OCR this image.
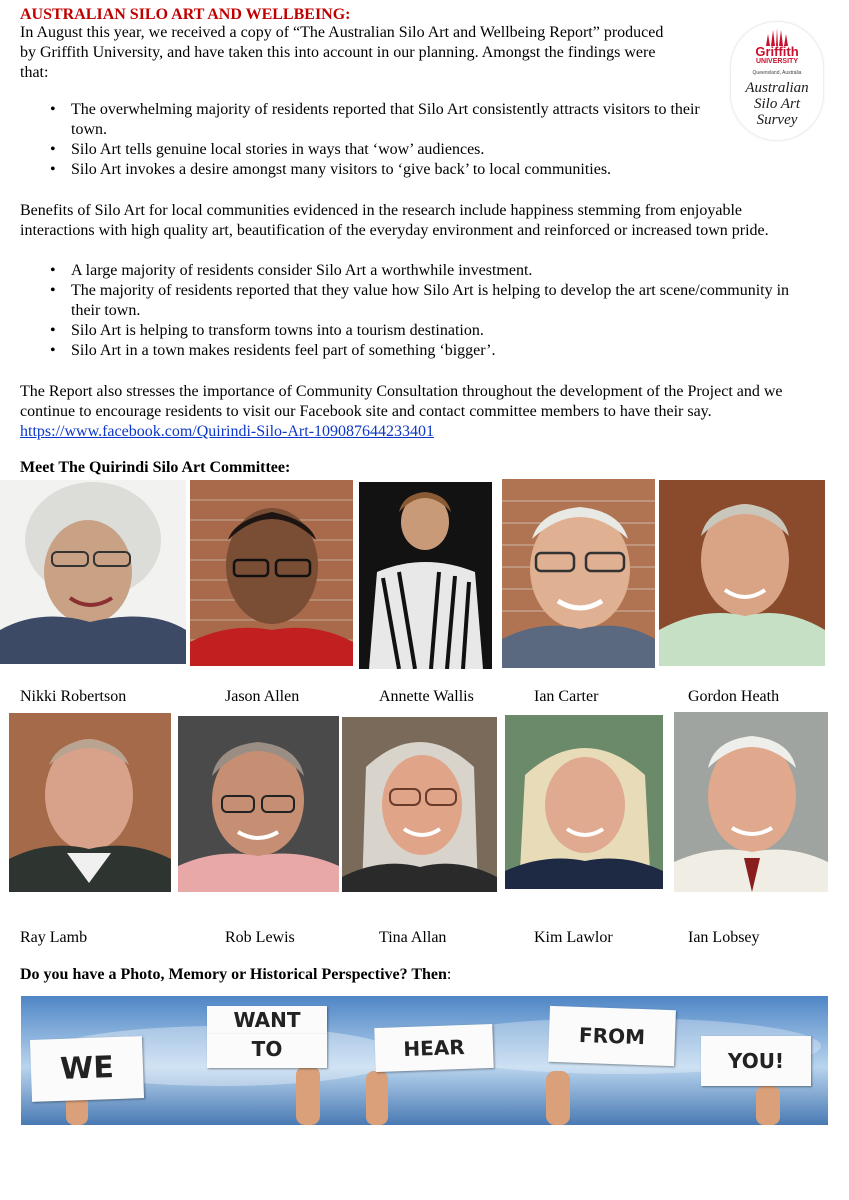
AUSTRALIAN SILO ART AND WELLBEING:
In August this year, we received a copy of “The Australian Silo Art and Wellbeing Report” produced by Griffith University, and have taken this into account in our planning. Amongst the findings were that:
• The overwhelming majority of residents reported that Silo Art consistently attracts visitors to their town.
• Silo Art tells genuine local stories in ways that ‘wow’ audiences.
• Silo Art invokes a desire amongst many visitors to ‘give back’ to local communities.
Benefits of Silo Art for local communities evidenced in the research include happiness stemming from enjoyable interactions with high quality art, beautification of the everyday environment and reinforced or increased town pride.
• A large majority of residents consider Silo Art a worthwhile investment.
• The majority of residents reported that they value how Silo Art is helping to develop the art scene/community in their town.
• Silo Art is helping to transform towns into a tourism destination.
• Silo Art in a town makes residents feel part of something ‘bigger’.
The Report also stresses the importance of Community Consultation throughout the development of the Project and we continue to encourage residents to visit our Facebook site and contact committee members to have their say.  https://www.facebook.com/Quirindi-Silo-Art-109087644233401
Griffith
UNIVERSITY
Queensland, Australia
Australian
Silo Art
Survey
Meet The Quirindi Silo Art Committee:
Nikki Robertson	Jason Allen	Annette Wallis	Ian Carter	Gordon Heath
Ray Lamb	Rob Lewis	Tina Allan	Kim Lawlor	Ian Lobsey
Do you have a Photo, Memory or Historical Perspective? Then:
WE
WANT
TO	HEAR	FROM
YOU!
